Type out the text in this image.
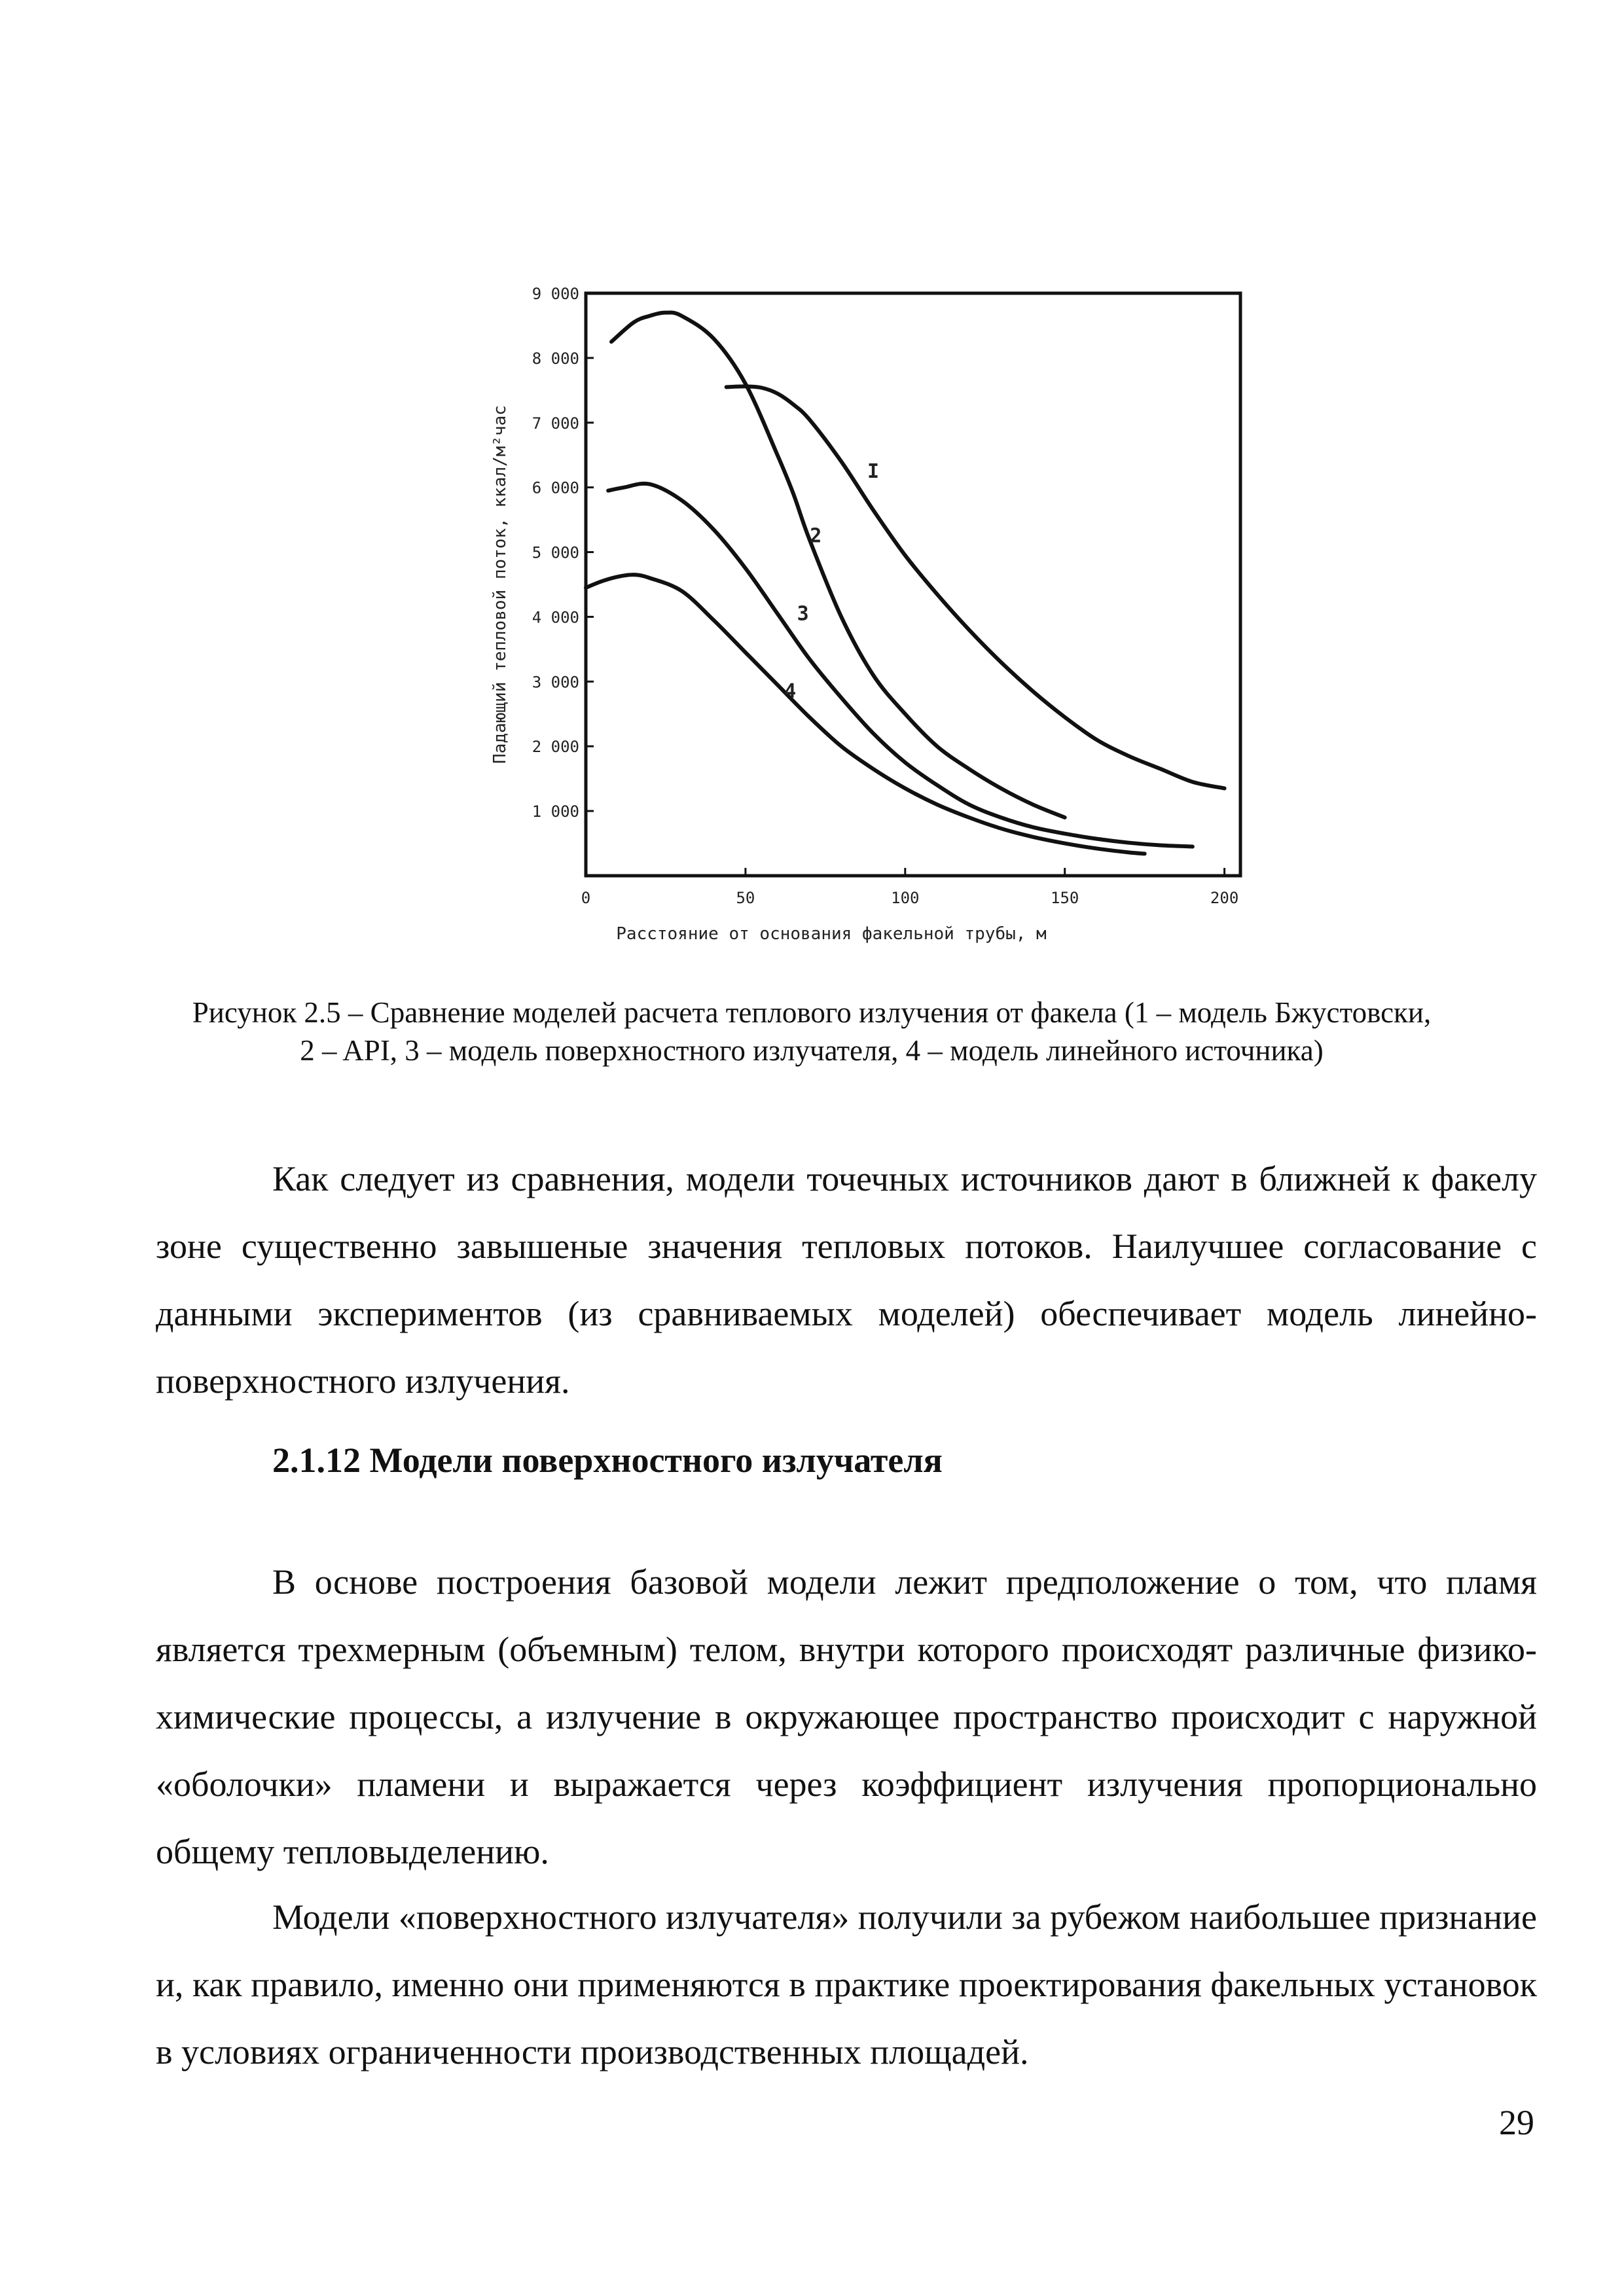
1 000
2 000
3 000
4 000
5 000
6 000
7 000
8 000
9 000
0	50	100	150	200
I
2
3
4
Падающий тепловой поток, ккал/м²час
Расстояние от основания факельной трубы, м
Рисунок 2.5 – Сравнение моделей расчета теплового излучения от факела (1 – модель Бжустовски,
2 – API, 3 – модель поверхностного излучателя, 4 – модель линейного источника)

Как следует из сравнения, модели точечных источников дают в ближней к факелу зоне существенно завышеные значения тепловых потоков. Наилучшее согласование с данными экспериментов (из сравниваемых моделей) обеспечивает модель линейно-поверхностного излучения.

2.1.12 Модели поверхностного излучателя

В основе построения базовой модели лежит предположение о том, что пламя является трехмерным (объемным) телом, внутри которого происходят различные физико-химические процессы, а излучение в окружающее пространство происходит с наружной «оболочки» пламени и выражается через коэффициент излучения пропорционально общему тепловыделению.

Модели «поверхностного излучателя» получили за рубежом наибольшее признание и, как правило, именно они применяются в практике проектирования факельных установок в условиях ограниченности производственных площадей.

29
